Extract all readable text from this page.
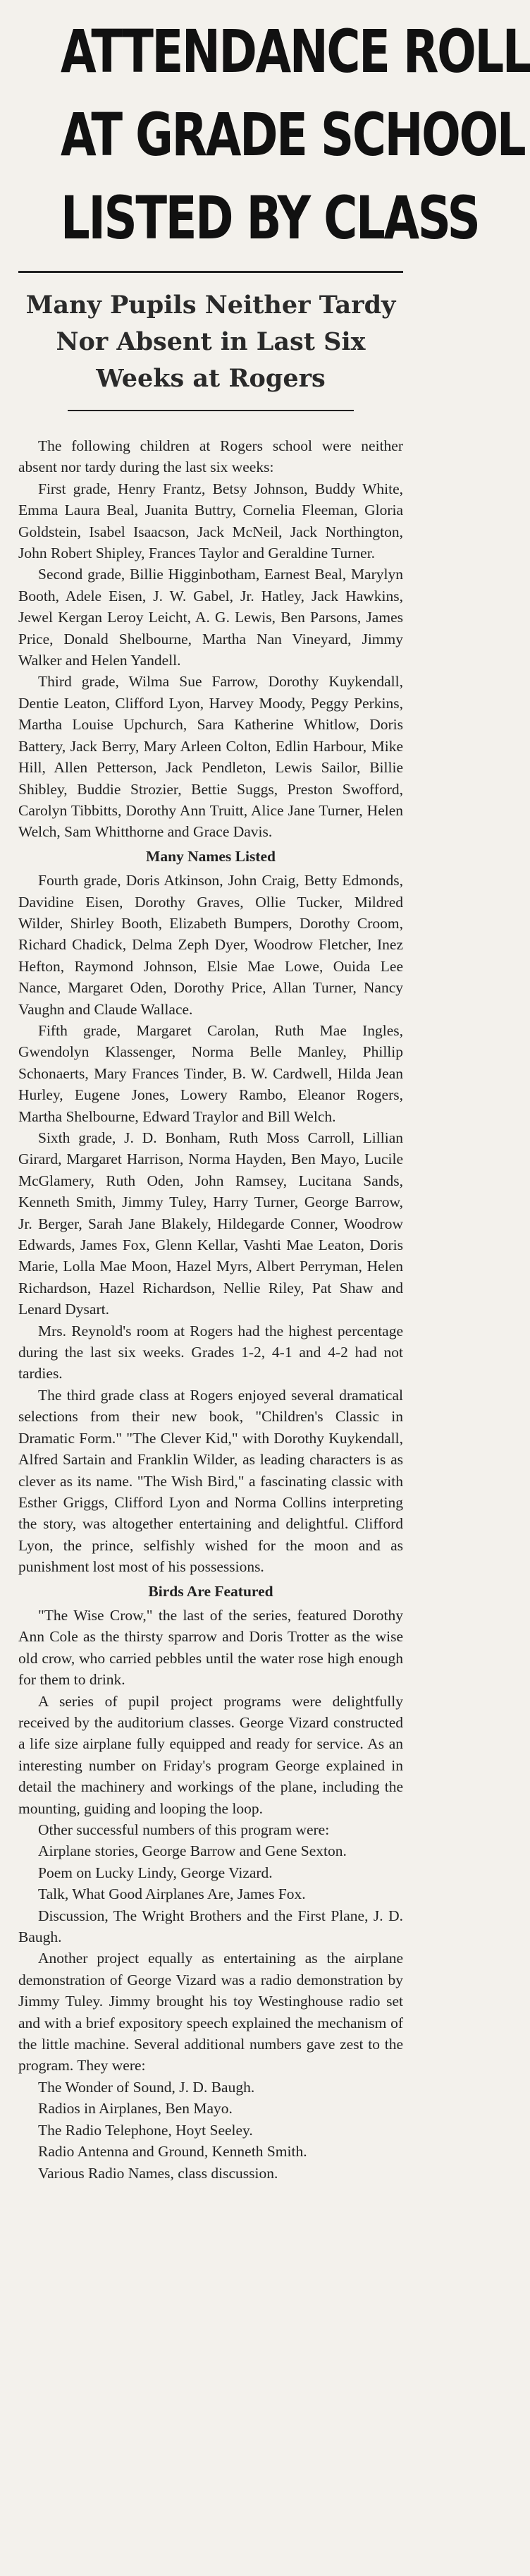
ATTENDANCE ROLL
AT GRADE SCHOOL
LISTED BY CLASS
Many Pupils Neither Tardy
Nor Absent in Last Six
Weeks at Rogers

The following children at Rogers school were neither absent nor tardy during the last six weeks:

First grade, Henry Frantz, Betsy Johnson, Buddy White, Emma Laura Beal, Juanita Buttry, Cornelia Fleeman, Gloria Goldstein, Isabel Isaacson, Jack McNeil, Jack Northington, John Robert Shipley, Frances Taylor and Geraldine Turner.

Second grade, Billie Higginbotham, Earnest Beal, Marylyn Booth, Adele Eisen, J. W. Gabel, Jr. Hatley, Jack Hawkins, Jewel Kergan Leroy Leicht, A. G. Lewis, Ben Parsons, James Price, Donald Shelbourne, Martha Nan Vineyard, Jimmy Walker and Helen Yandell.

Third grade, Wilma Sue Farrow, Dorothy Kuykendall, Dentie Leaton, Clifford Lyon, Harvey Moody, Peggy Perkins, Martha Louise Upchurch, Sara Katherine Whitlow, Doris Battery, Jack Berry, Mary Arleen Colton, Edlin Harbour, Mike Hill, Allen Petterson, Jack Pendleton, Lewis Sailor, Billie Shibley, Buddie Strozier, Bettie Suggs, Preston Swofford, Carolyn Tibbitts, Dorothy Ann Truitt, Alice Jane Turner, Helen Welch, Sam Whitthorne and Grace Davis.

Many Names Listed

Fourth grade, Doris Atkinson, John Craig, Betty Edmonds, Davidine Eisen, Dorothy Graves, Ollie Tucker, Mildred Wilder, Shirley Booth, Elizabeth Bumpers, Dorothy Croom, Richard Chadick, Delma Zeph Dyer, Woodrow Fletcher, Inez Hefton, Raymond Johnson, Elsie Mae Lowe, Ouida Lee Nance, Margaret Oden, Dorothy Price, Allan Turner, Nancy Vaughn and Claude Wallace.

Fifth grade, Margaret Carolan, Ruth Mae Ingles, Gwendolyn Klassenger, Norma Belle Manley, Phillip Schonaerts, Mary Frances Tinder, B. W. Cardwell, Hilda Jean Hurley, Eugene Jones, Lowery Rambo, Eleanor Rogers, Martha Shelbourne, Edward Traylor and Bill Welch.

Sixth grade, J. D. Bonham, Ruth Moss Carroll, Lillian Girard, Margaret Harrison, Norma Hayden, Ben Mayo, Lucile McGlamery, Ruth Oden, John Ramsey, Lucitana Sands, Kenneth Smith, Jimmy Tuley, Harry Turner, George Barrow, Jr. Berger, Sarah Jane Blakely, Hildegarde Conner, Woodrow Edwards, James Fox, Glenn Kellar, Vashti Mae Leaton, Doris Marie, Lolla Mae Moon, Hazel Myrs, Albert Perryman, Helen Richardson, Hazel Richardson, Nellie Riley, Pat Shaw and Lenard Dysart.

Mrs. Reynold's room at Rogers had the highest percentage during the last six weeks. Grades 1-2, 4-1 and 4-2 had not tardies.

The third grade class at Rogers enjoyed several dramatical selections from their new book, "Children's Classic in Dramatic Form." "The Clever Kid," with Dorothy Kuykendall, Alfred Sartain and Franklin Wilder, as leading characters is as clever as its name. "The Wish Bird," a fascinating classic with Esther Griggs, Clifford Lyon and Norma Collins interpreting the story, was altogether entertaining and delightful. Clifford Lyon, the prince, selfishly wished for the moon and as punishment lost most of his possessions.

Birds Are Featured

"The Wise Crow," the last of the series, featured Dorothy Ann Cole as the thirsty sparrow and Doris Trotter as the wise old crow, who carried pebbles until the water rose high enough for them to drink.

A series of pupil project programs were delightfully received by the auditorium classes. George Vizard constructed a life size airplane fully equipped and ready for service. As an interesting number on Friday's program George explained in detail the machinery and workings of the plane, including the mounting, guiding and looping the loop.

Other successful numbers of this program were:

Airplane stories, George Barrow and Gene Sexton.

Poem on Lucky Lindy, George Vizard.

Talk, What Good Airplanes Are, James Fox.

Discussion, The Wright Brothers and the First Plane, J. D. Baugh.

Another project equally as entertaining as the airplane demonstration of George Vizard was a radio demonstration by Jimmy Tuley. Jimmy brought his toy Westinghouse radio set and with a brief expository speech explained the mechanism of the little machine. Several additional numbers gave zest to the program. They were:

The Wonder of Sound, J. D. Baugh.

Radios in Airplanes, Ben Mayo.

The Radio Telephone, Hoyt Seeley.

Radio Antenna and Ground, Kenneth Smith.

Various Radio Names, class discussion.
